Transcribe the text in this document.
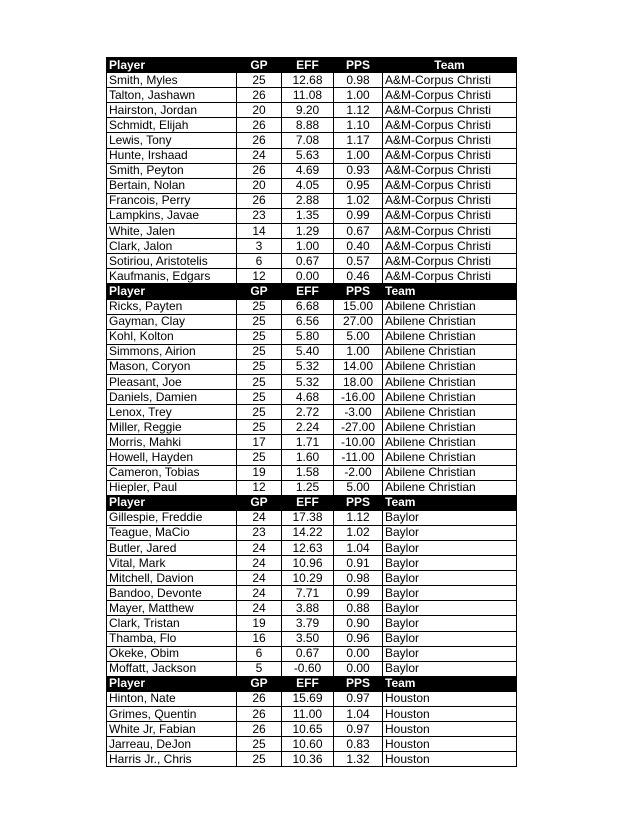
Player	GP	EFF	PPS	Team
Smith, Myles	25	12.68	0.98	A&M-Corpus Christi
Talton, Jashawn	26	11.08	1.00	A&M-Corpus Christi
Hairston, Jordan	20	9.20	1.12	A&M-Corpus Christi
Schmidt, Elijah	26	8.88	1.10	A&M-Corpus Christi
Lewis, Tony	26	7.08	1.17	A&M-Corpus Christi
Hunte, Irshaad	24	5.63	1.00	A&M-Corpus Christi
Smith, Peyton	26	4.69	0.93	A&M-Corpus Christi
Bertain, Nolan	20	4.05	0.95	A&M-Corpus Christi
Francois, Perry	26	2.88	1.02	A&M-Corpus Christi
Lampkins, Javae	23	1.35	0.99	A&M-Corpus Christi
White, Jalen	14	1.29	0.67	A&M-Corpus Christi
Clark, Jalon	3	1.00	0.40	A&M-Corpus Christi
Sotiriou, Aristotelis	6	0.67	0.57	A&M-Corpus Christi
Kaufmanis, Edgars	12	0.00	0.46	A&M-Corpus Christi
Player	GP	EFF	PPS	Team
Ricks, Payten	25	6.68	15.00	Abilene Christian
Gayman, Clay	25	6.56	27.00	Abilene Christian
Kohl, Kolton	25	5.80	5.00	Abilene Christian
Simmons, Airion	25	5.40	1.00	Abilene Christian
Mason, Coryon	25	5.32	14.00	Abilene Christian
Pleasant, Joe	25	5.32	18.00	Abilene Christian
Daniels, Damien	25	4.68	-16.00	Abilene Christian
Lenox, Trey	25	2.72	-3.00	Abilene Christian
Miller, Reggie	25	2.24	-27.00	Abilene Christian
Morris, Mahki	17	1.71	-10.00	Abilene Christian
Howell, Hayden	25	1.60	-11.00	Abilene Christian
Cameron, Tobias	19	1.58	-2.00	Abilene Christian
Hiepler, Paul	12	1.25	5.00	Abilene Christian
Player	GP	EFF	PPS	Team
Gillespie, Freddie	24	17.38	1.12	Baylor
Teague, MaCio	23	14.22	1.02	Baylor
Butler, Jared	24	12.63	1.04	Baylor
Vital, Mark	24	10.96	0.91	Baylor
Mitchell, Davion	24	10.29	0.98	Baylor
Bandoo, Devonte	24	7.71	0.99	Baylor
Mayer, Matthew	24	3.88	0.88	Baylor
Clark, Tristan	19	3.79	0.90	Baylor
Thamba, Flo	16	3.50	0.96	Baylor
Okeke, Obim	6	0.67	0.00	Baylor
Moffatt, Jackson	5	-0.60	0.00	Baylor
Player	GP	EFF	PPS	Team
Hinton, Nate	26	15.69	0.97	Houston
Grimes, Quentin	26	11.00	1.04	Houston
White Jr, Fabian	26	10.65	0.97	Houston
Jarreau, DeJon	25	10.60	0.83	Houston
Harris Jr., Chris	25	10.36	1.32	Houston
